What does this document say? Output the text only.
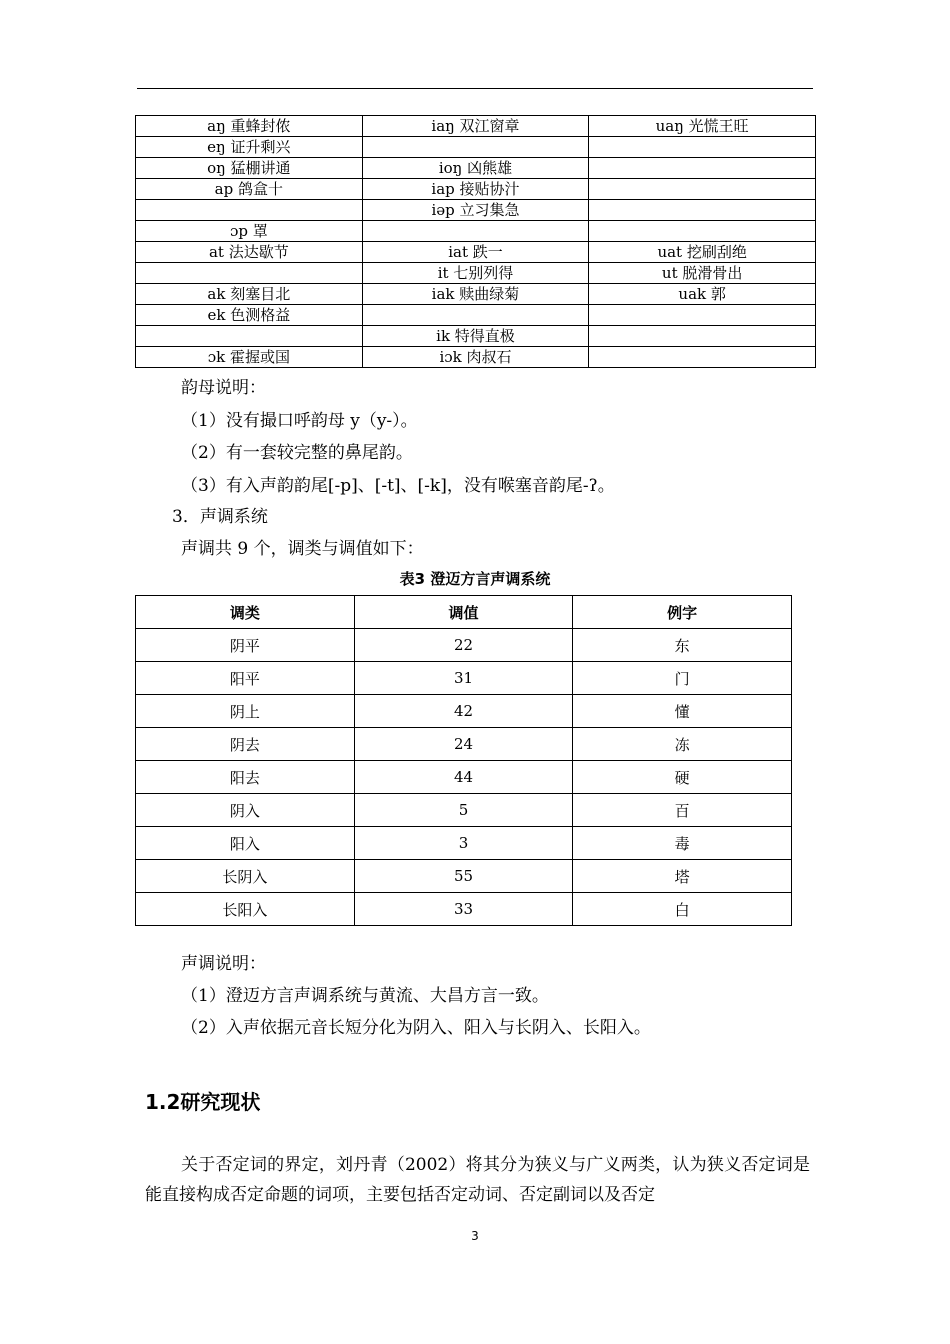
aŋ 重蜂封侬	iaŋ 双江窗章	uaŋ 光慌王旺
eŋ 证升剩兴		
oŋ 猛棚讲通	ioŋ 凶熊雄	
ap 鸽盒十	iap 接贴协汁	
	iəp 立习集急	
ɔp 罩		
at 法达歇节	iat 跌一	uat 挖刷刮绝
	it 七别列得	ut 脱滑骨出
ak 刻塞目北	iak 赎曲绿菊	uak 郭
ek 色测格益		
	ik 特得直极	
ɔk 霍握或国	iɔk 肉叔石	
韵母说明：
（1）没有撮口呼韵母 y（y-）。
（2）有一套较完整的鼻尾韵。
（3）有入声韵韵尾[-p]、[-t]、[-k]，没有喉塞音韵尾-ʔ。
3．声调系统
声调共 9 个，调类与调值如下：
表3 澄迈方言声调系统
调类	调值	例字
阴平	22	东
阳平	31	门
阴上	42	懂
阴去	24	冻
阳去	44	硬
阴入	5	百
阳入	3	毒
长阴入	55	塔
长阳入	33	白
声调说明：
（1）澄迈方言声调系统与黄流、大昌方言一致。
（2）入声依据元音长短分化为阴入、阳入与长阴入、长阳入。
1.2研究现状
关于否定词的界定，刘丹青（2002）将其分为狭义与广义两类，认为狭义否定词是能直接构成否定命题的词项，主要包括否定动词、否定副词以及否定
3
